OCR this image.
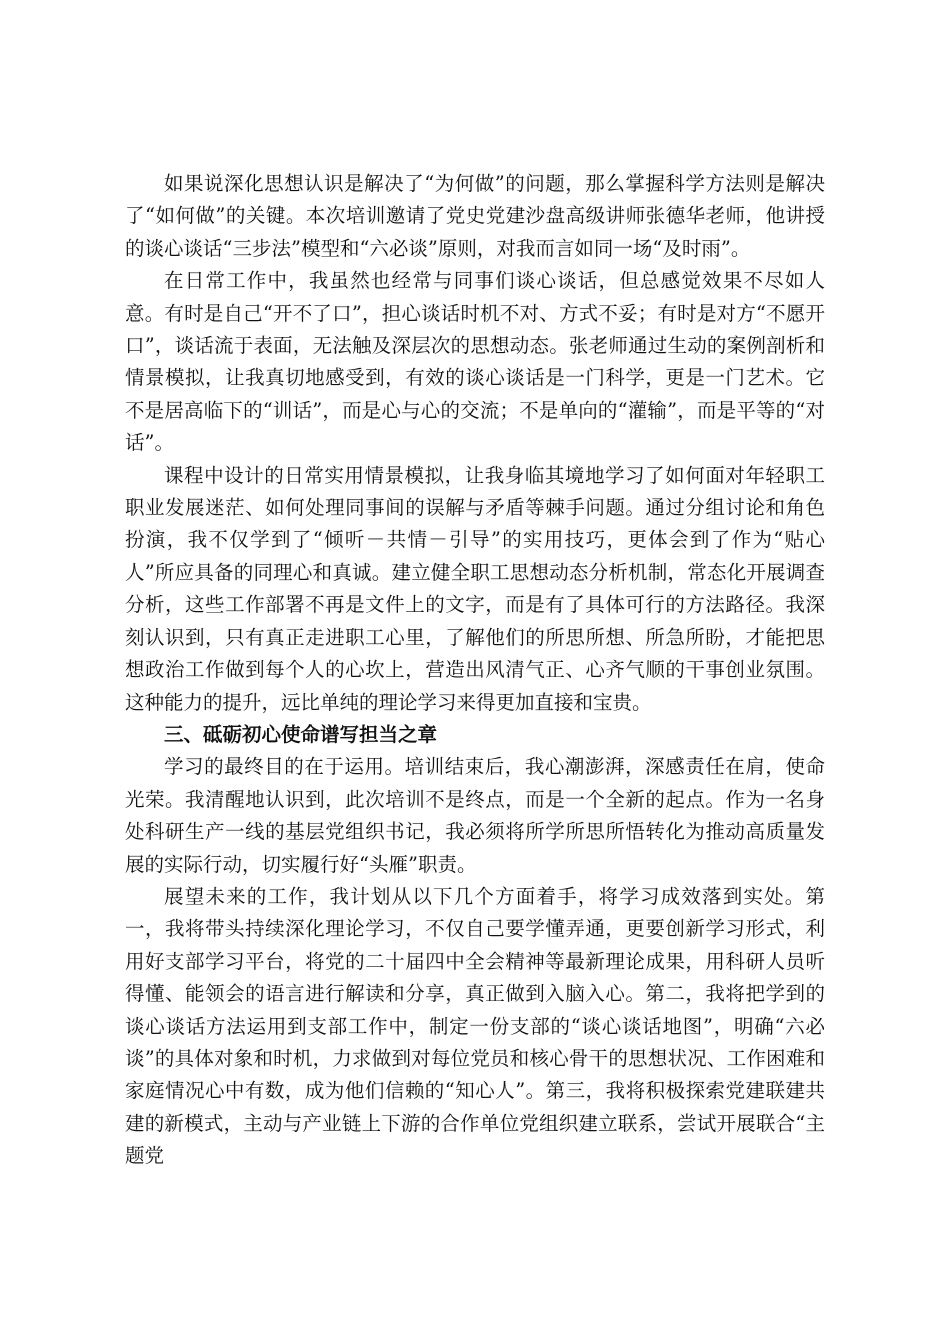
如果说深化思想认识是解决了“为何做”的问题，那么掌握科学方法则是解决了“如何做”的关键。本次培训邀请了党史党建沙盘高级讲师张德华老师，他讲授的谈心谈话“三步法”模型和“六必谈”原则，对我而言如同一场“及时雨”。

在日常工作中，我虽然也经常与同事们谈心谈话，但总感觉效果不尽如人意。有时是自己“开不了口”，担心谈话时机不对、方式不妥；有时是对方“不愿开口”，谈话流于表面，无法触及深层次的思想动态。张老师通过生动的案例剖析和情景模拟，让我真切地感受到，有效的谈心谈话是一门科学，更是一门艺术。它不是居高临下的“训话”，而是心与心的交流；不是单向的“灌输”，而是平等的“对话”。

课程中设计的日常实用情景模拟，让我身临其境地学习了如何面对年轻职工职业发展迷茫、如何处理同事间的误解与矛盾等棘手问题。通过分组讨论和角色扮演，我不仅学到了“倾听－共情－引导”的实用技巧，更体会到了作为“贴心人”所应具备的同理心和真诚。建立健全职工思想动态分析机制，常态化开展调查分析，这些工作部署不再是文件上的文字，而是有了具体可行的方法路径。我深刻认识到，只有真正走进职工心里，了解他们的所思所想、所急所盼，才能把思想政治工作做到每个人的心坎上，营造出风清气正、心齐气顺的干事创业氛围。这种能力的提升，远比单纯的理论学习来得更加直接和宝贵。

三、砥砺初心使命谱写担当之章

学习的最终目的在于运用。培训结束后，我心潮澎湃，深感责任在肩，使命光荣。我清醒地认识到，此次培训不是终点，而是一个全新的起点。作为一名身处科研生产一线的基层党组织书记，我必须将所学所思所悟转化为推动高质量发展的实际行动，切实履行好“头雁”职责。

展望未来的工作，我计划从以下几个方面着手，将学习成效落到实处。第一，我将带头持续深化理论学习，不仅自己要学懂弄通，更要创新学习形式，利用好支部学习平台，将党的二十届四中全会精神等最新理论成果，用科研人员听得懂、能领会的语言进行解读和分享，真正做到入脑入心。第二，我将把学到的谈心谈话方法运用到支部工作中，制定一份支部的“谈心谈话地图”，明确“六必谈”的具体对象和时机，力求做到对每位党员和核心骨干的思想状况、工作困难和家庭情况心中有数，成为他们信赖的“知心人”。第三，我将积极探索党建联建共建的新模式，主动与产业链上下游的合作单位党组织建立联系，尝试开展联合“主题党
